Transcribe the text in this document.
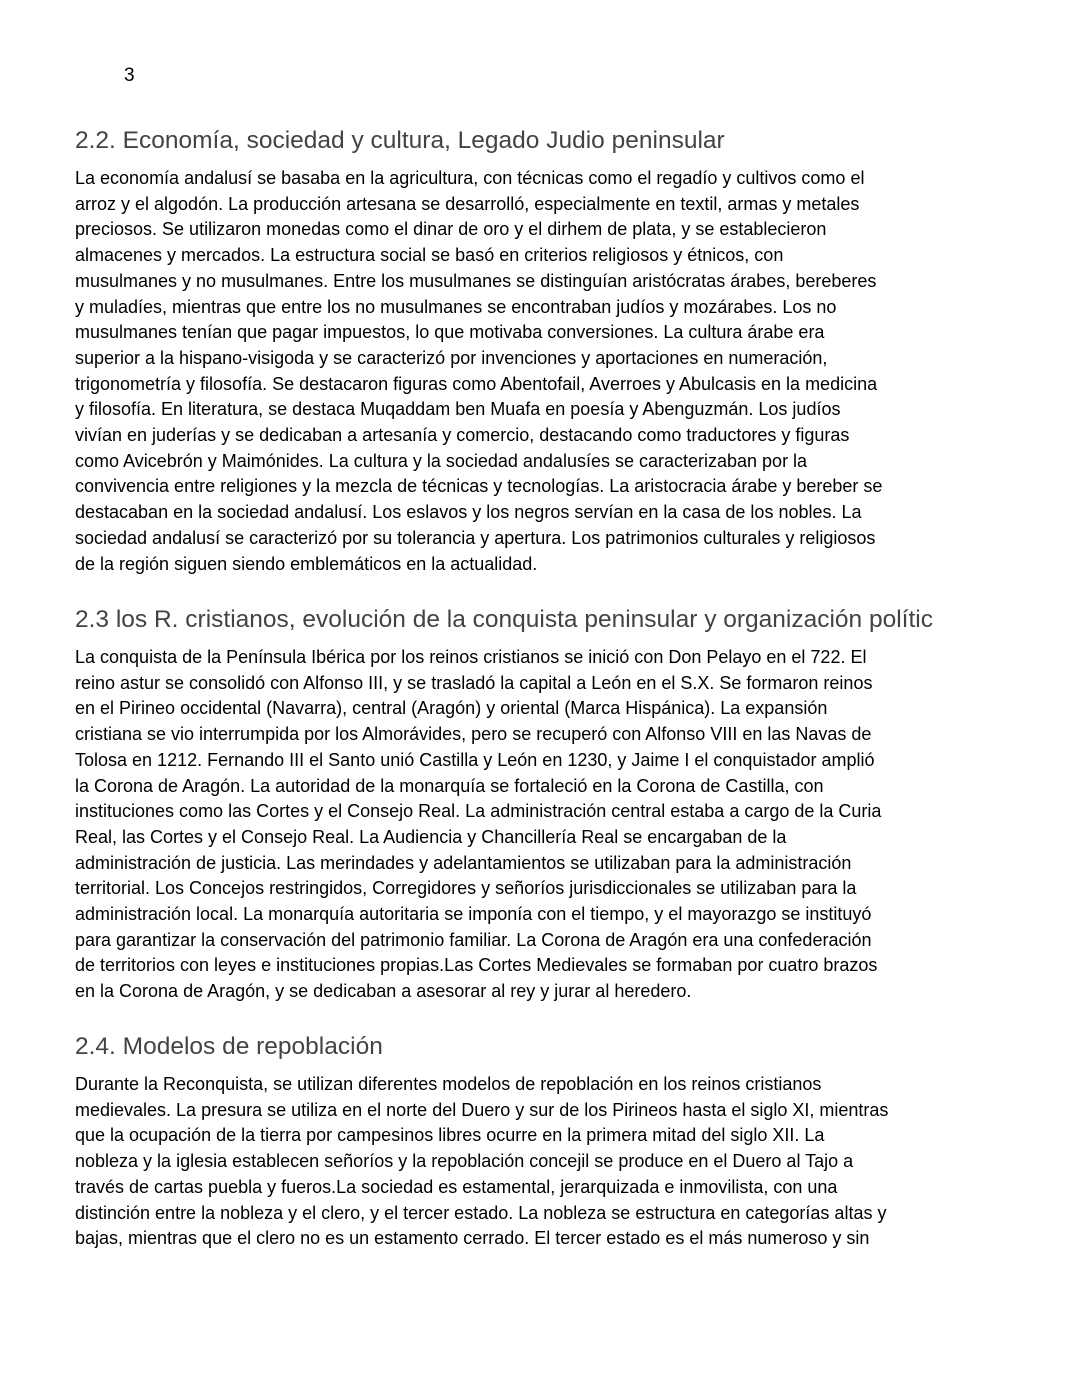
3
2.2. Economía, sociedad y cultura, Legado Judio peninsular

La economía andalusí se basaba en la agricultura, con técnicas como el regadío y cultivos como el
arroz y el algodón. La producción artesana se desarrolló, especialmente en textil, armas y metales
preciosos. Se utilizaron monedas como el dinar de oro y el dirhem de plata, y se establecieron
almacenes y mercados. La estructura social se basó en criterios religiosos y étnicos, con
musulmanes y no musulmanes. Entre los musulmanes se distinguían aristócratas árabes, bereberes
y muladíes, mientras que entre los no musulmanes se encontraban judíos y mozárabes. Los no
musulmanes tenían que pagar impuestos, lo que motivaba conversiones. La cultura árabe era
superior a la hispano-visigoda y se caracterizó por invenciones y aportaciones en numeración,
trigonometría y filosofía. Se destacaron figuras como Abentofail, Averroes y Abulcasis en la medicina
y filosofía. En literatura, se destaca Muqaddam ben Muafa en poesía y Abenguzmán. Los judíos
vivían en juderías y se dedicaban a artesanía y comercio, destacando como traductores y figuras
como Avicebrón y Maimónides. La cultura y la sociedad andalusíes se caracterizaban por la
convivencia entre religiones y la mezcla de técnicas y tecnologías. La aristocracia árabe y bereber se
destacaban en la sociedad andalusí. Los eslavos y los negros servían en la casa de los nobles. La
sociedad andalusí se caracterizó por su tolerancia y apertura. Los patrimonios culturales y religiosos
de la región siguen siendo emblemáticos en la actualidad.

2.3 los R. cristianos, evolución de la conquista peninsular y organización polític

La conquista de la Península Ibérica por los reinos cristianos se inició con Don Pelayo en el 722. El
reino astur se consolidó con Alfonso III, y se trasladó la capital a León en el S.X. Se formaron reinos
en el Pirineo occidental (Navarra), central (Aragón) y oriental (Marca Hispánica). La expansión
cristiana se vio interrumpida por los Almorávides, pero se recuperó con Alfonso VIII en las Navas de
Tolosa en 1212. Fernando III el Santo unió Castilla y León en 1230, y Jaime I el conquistador amplió
la Corona de Aragón. La autoridad de la monarquía se fortaleció en la Corona de Castilla, con
instituciones como las Cortes y el Consejo Real. La administración central estaba a cargo de la Curia
Real, las Cortes y el Consejo Real. La Audiencia y Chancillería Real se encargaban de la
administración de justicia. Las merindades y adelantamientos se utilizaban para la administración
territorial. Los Concejos restringidos, Corregidores y señoríos jurisdiccionales se utilizaban para la
administración local. La monarquía autoritaria se imponía con el tiempo, y el mayorazgo se instituyó
para garantizar la conservación del patrimonio familiar. La Corona de Aragón era una confederación
de territorios con leyes e instituciones propias.Las Cortes Medievales se formaban por cuatro brazos
en la Corona de Aragón, y se dedicaban a asesorar al rey y jurar al heredero.

2.4. Modelos de repoblación

Durante la Reconquista, se utilizan diferentes modelos de repoblación en los reinos cristianos
medievales. La presura se utiliza en el norte del Duero y sur de los Pirineos hasta el siglo XI, mientras
que la ocupación de la tierra por campesinos libres ocurre en la primera mitad del siglo XII. La
nobleza y la iglesia establecen señoríos y la repoblación concejil se produce en el Duero al Tajo a
través de cartas puebla y fueros.La sociedad es estamental, jerarquizada e inmovilista, con una
distinción entre la nobleza y el clero, y el tercer estado. La nobleza se estructura en categorías altas y
bajas, mientras que el clero no es un estamento cerrado. El tercer estado es el más numeroso y sin
